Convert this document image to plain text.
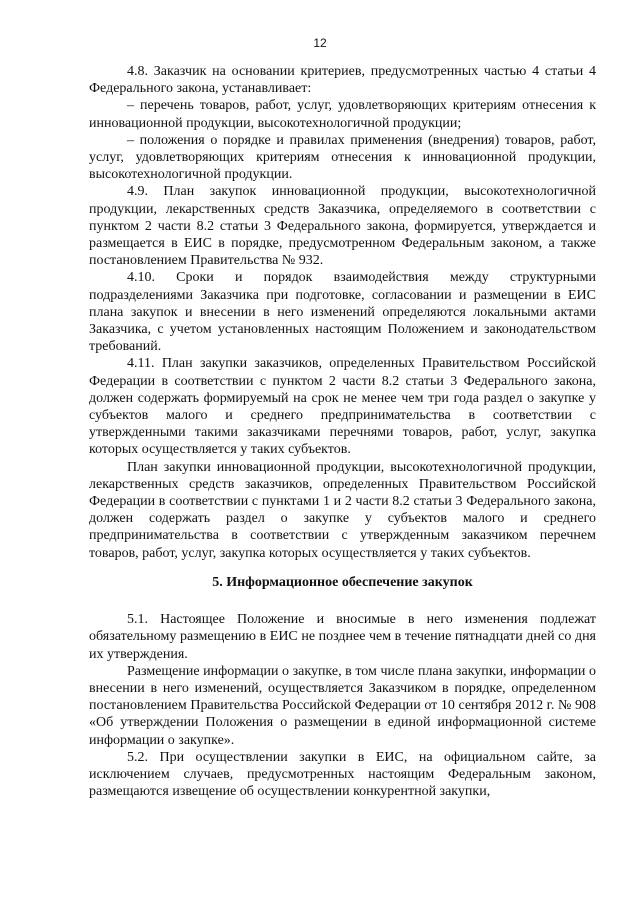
12

4.8. Заказчик на основании критериев, предусмотренных частью 4 статьи 4 Федерального закона, устанавливает:

– перечень товаров, работ, услуг, удовлетворяющих критериям отнесения к инновационной продукции, высокотехнологичной продукции;

– положения о порядке и правилах применения (внедрения) товаров, работ, услуг, удовлетворяющих критериям отнесения к инновационной продукции, высокотехнологичной продукции.

4.9. План закупок инновационной продукции, высокотехнологичной продукции, лекарственных средств Заказчика, определяемого в соответствии с пунктом 2 части 8.2 статьи 3 Федерального закона, формируется, утверждается и размещается в ЕИС в порядке, предусмотренном Федеральным законом, а также постановлением Правительства № 932.

4.10. Сроки и порядок взаимодействия между структурными подразделениями Заказчика при подготовке, согласовании и размещении в ЕИС плана закупок и внесении в него изменений определяются локальными актами Заказчика, с учетом установленных настоящим Положением и законодательством требований.

4.11. План закупки заказчиков, определенных Правительством Российской Федерации в соответствии с пунктом 2 части 8.2 статьи 3 Федерального закона, должен содержать формируемый на срок не менее чем три года раздел о закупке у субъектов малого и среднего предпринимательства в соответствии с утвержденными такими заказчиками перечнями товаров, работ, услуг, закупка которых осуществляется у таких субъектов.

План закупки инновационной продукции, высокотехнологичной продукции, лекарственных средств заказчиков, определенных Правительством Российской Федерации в соответствии с пунктами 1 и 2 части 8.2 статьи 3 Федерального закона, должен содержать раздел о закупке у субъектов малого и среднего предпринимательства в соответствии с утвержденным заказчиком перечнем товаров, работ, услуг, закупка которых осуществляется у таких субъектов.

5. Информационное обеспечение закупок

5.1. Настоящее Положение и вносимые в него изменения подлежат обязательному размещению в ЕИС не позднее чем в течение пятнадцати дней со дня их утверждения.

Размещение информации о закупке, в том числе плана закупки, информации о внесении в него изменений, осуществляется Заказчиком в порядке, определенном постановлением Правительства Российской Федерации от 10 сентября 2012 г. № 908 «Об утверждении Положения о размещении в единой информационной системе информации о закупке».

5.2. При осуществлении закупки в ЕИС, на официальном сайте, за исключением случаев, предусмотренных настоящим Федеральным законом, размещаются извещение об осуществлении конкурентной закупки,
